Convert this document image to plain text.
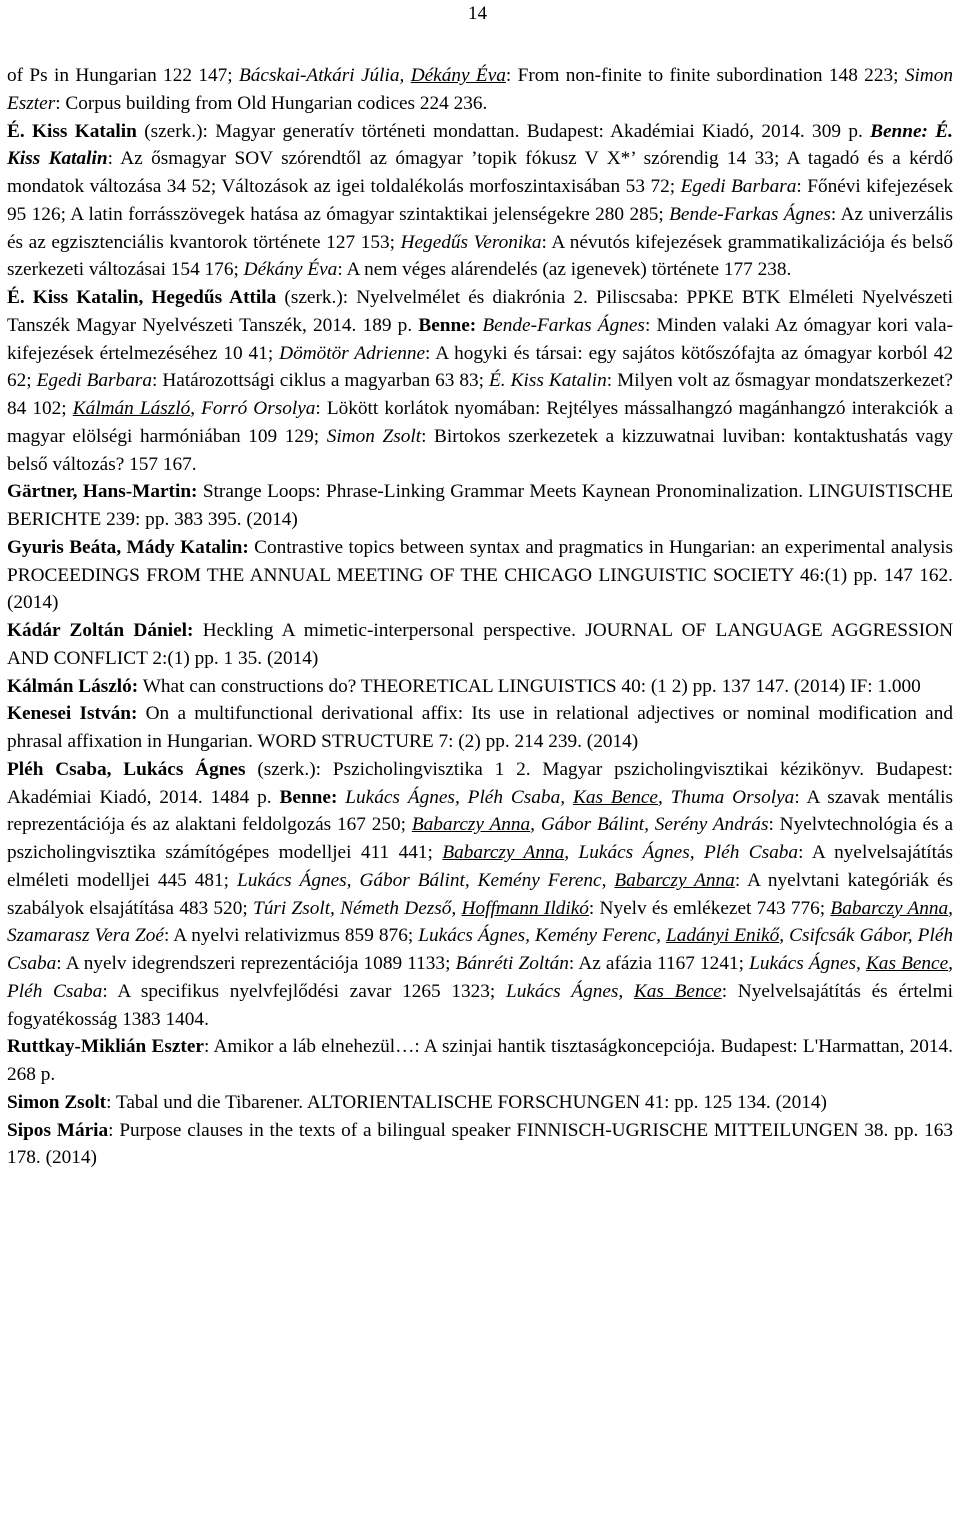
14

of Ps in Hungarian 122 147; Bácskai-Atkári Júlia, Dékány Éva: From non-finite to finite subordination 148 223; Simon Eszter: Corpus building from Old Hungarian codices 224 236.

É. Kiss Katalin (szerk.): Magyar generatív történeti mondattan. Budapest: Akadémiai Kiadó, 2014. 309 p. Benne: É. Kiss Katalin: Az ősmagyar SOV szórendtől az ómagyar ’topik fókusz V X*’ szórendig 14 33; A tagadó és a kérdő mondatok változása 34 52; Változások az igei toldalékolás morfoszintaxisában 53 72; Egedi Barbara: Főnévi kifejezések 95 126; A latin forrásszövegek hatása az ómagyar szintaktikai jelenségekre 280 285; Bende-Farkas Ágnes: Az univerzális és az egzisztenciális kvantorok története 127 153; Hegedűs Veronika: A névutós kifejezések grammatikalizációja és belső szerkezeti változásai 154 176; Dékány Éva: A nem véges alárendelés (az igenevek) története 177 238.

É. Kiss Katalin, Hegedűs Attila (szerk.): Nyelvelmélet és diakrónia 2. Piliscsaba: PPKE BTK Elméleti Nyelvészeti Tanszék Magyar Nyelvészeti Tanszék, 2014. 189 p. Benne: Bende-Farkas Ágnes: Minden valaki Az ómagyar kori vala- kifejezések értelmezéséhez 10 41; Dömötör Adrienne: A hogyki és társai: egy sajátos kötőszófajta az ómagyar korból 42 62; Egedi Barbara: Határozottsági ciklus a magyarban 63 83; É. Kiss Katalin: Milyen volt az ősmagyar mondatszerkezet? 84 102; Kálmán László, Forró Orsolya: Lökött korlátok nyomában: Rejtélyes mássalhangzó magánhangzó interakciók a magyar elölségi harmóniában 109 129; Simon Zsolt: Birtokos szerkezetek a kizzuwatnai luviban: kontaktushatás vagy belső változás? 157 167.

Gärtner, Hans-Martin: Strange Loops: Phrase-Linking Grammar Meets Kaynean Pronominalization. LINGUISTISCHE BERICHTE 239: pp. 383 395. (2014)

Gyuris Beáta, Mády Katalin: Contrastive topics between syntax and pragmatics in Hungarian: an experimental analysis PROCEEDINGS FROM THE ANNUAL MEETING OF THE CHICAGO LINGUISTIC SOCIETY 46:(1) pp. 147 162. (2014)

Kádár Zoltán Dániel: Heckling A mimetic-interpersonal perspective. JOURNAL OF LANGUAGE AGGRESSION AND CONFLICT 2:(1) pp. 1 35. (2014)

Kálmán László: What can constructions do? THEORETICAL LINGUISTICS 40: (1 2) pp. 137 147. (2014) IF: 1.000

Kenesei István: On a multifunctional derivational affix: Its use in relational adjectives or nominal modification and phrasal affixation in Hungarian. WORD STRUCTURE 7: (2) pp. 214 239. (2014)

Pléh Csaba, Lukács Ágnes (szerk.): Pszicholingvisztika 1 2. Magyar pszicholingvisztikai kézikönyv. Budapest: Akadémiai Kiadó, 2014. 1484 p. Benne: Lukács Ágnes, Pléh Csaba, Kas Bence, Thuma Orsolya: A szavak mentális reprezentációja és az alaktani feldolgozás 167 250; Babarczy Anna, Gábor Bálint, Serény András: Nyelvtechnológia és a pszicholingvisztika számítógépes modelljei 411 441; Babarczy Anna, Lukács Ágnes, Pléh Csaba: A nyelvelsajátítás elméleti modelljei 445 481; Lukács Ágnes, Gábor Bálint, Kemény Ferenc, Babarczy Anna: A nyelvtani kategóriák és szabályok elsajátítása 483 520; Túri Zsolt, Németh Dezső, Hoffmann Ildikó: Nyelv és emlékezet 743 776; Babarczy Anna, Szamarasz Vera Zoé: A nyelvi relativizmus 859 876; Lukács Ágnes, Kemény Ferenc, Ladányi Enikő, Csifcsák Gábor, Pléh Csaba: A nyelv idegrendszeri reprezentációja 1089 1133; Bánréti Zoltán: Az afázia 1167 1241; Lukács Ágnes, Kas Bence, Pléh Csaba: A specifikus nyelvfejlődési zavar 1265 1323; Lukács Ágnes, Kas Bence: Nyelvelsajátítás és értelmi fogyatékosság 1383 1404.

Ruttkay-Miklián Eszter: Amikor a láb elnehezül…: A szinjai hantik tisztaságkoncepciója. Budapest: L'Harmattan, 2014. 268 p.

Simon Zsolt: Tabal und die Tibarener. ALTORIENTALISCHE FORSCHUNGEN 41: pp. 125 134. (2014)

Sipos Mária: Purpose clauses in the texts of a bilingual speaker FINNISCH-UGRISCHE MITTEILUNGEN 38. pp. 163 178. (2014)
